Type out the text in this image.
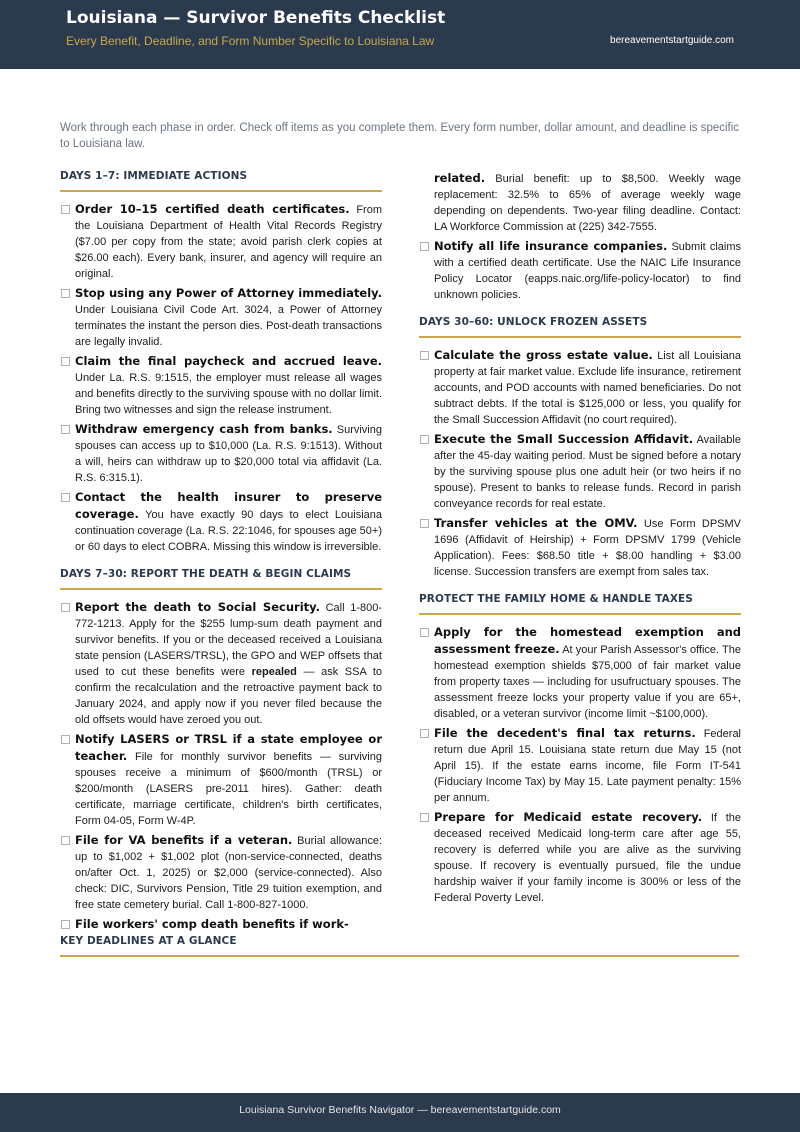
Louisiana — Survivor Benefits Checklist
Every Benefit, Deadline, and Form Number Specific to Louisiana Law	bereavementstartguide.com
Work through each phase in order. Check off items as you complete them. Every form number, dollar amount, and deadline is specific to Louisiana law.
DAYS 1–7: IMMEDIATE ACTIONS
Order 10–15 certified death certificates. From the Louisiana Department of Health Vital Records Registry ($7.00 per copy from the state; avoid parish clerk copies at $26.00 each). Every bank, insurer, and agency will require an original.
Stop using any Power of Attorney immediately. Under Louisiana Civil Code Art. 3024, a Power of Attorney terminates the instant the person dies. Post-death transactions are legally invalid.
Claim the final paycheck and accrued leave. Under La. R.S. 9:1515, the employer must release all wages and benefits directly to the surviving spouse with no dollar limit. Bring two witnesses and sign the release instrument.
Withdraw emergency cash from banks. Surviving spouses can access up to $10,000 (La. R.S. 9:1513). Without a will, heirs can withdraw up to $20,000 total via affidavit (La. R.S. 6:315.1).
Contact the health insurer to preserve coverage. You have exactly 90 days to elect Louisiana continuation coverage (La. R.S. 22:1046, for spouses age 50+) or 60 days to elect COBRA. Missing this window is irreversible.
DAYS 7–30: REPORT THE DEATH & BEGIN CLAIMS
Report the death to Social Security. Call 1-800-772-1213. Apply for the $255 lump-sum death payment and survivor benefits. If you or the deceased received a Louisiana state pension (LASERS/TRSL), the GPO and WEP offsets that used to cut these benefits were repealed — ask SSA to confirm the recalculation and the retroactive payment back to January 2024, and apply now if you never filed because the old offsets would have zeroed you out.
Notify LASERS or TRSL if a state employee or teacher. File for monthly survivor benefits — surviving spouses receive a minimum of $600/month (TRSL) or $200/month (LASERS pre-2011 hires). Gather: death certificate, marriage certificate, children's birth certificates, Form 04-05, Form W-4P.
File for VA benefits if a veteran. Burial allowance: up to $1,002 + $1,002 plot (non-service-connected, deaths on/after Oct. 1, 2025) or $2,000 (service-connected). Also check: DIC, Survivors Pension, Title 29 tuition exemption, and free state cemetery burial. Call 1-800-827-1000.
File workers' comp death benefits if work-
related. Burial benefit: up to $8,500. Weekly wage replacement: 32.5% to 65% of average weekly wage depending on dependents. Two-year filing deadline. Contact: LA Workforce Commission at (225) 342-7555.
Notify all life insurance companies. Submit claims with a certified death certificate. Use the NAIC Life Insurance Policy Locator (eapps.naic.org/life-policy-locator) to find unknown policies.
DAYS 30–60: UNLOCK FROZEN ASSETS
Calculate the gross estate value. List all Louisiana property at fair market value. Exclude life insurance, retirement accounts, and POD accounts with named beneficiaries. Do not subtract debts. If the total is $125,000 or less, you qualify for the Small Succession Affidavit (no court required).
Execute the Small Succession Affidavit. Available after the 45-day waiting period. Must be signed before a notary by the surviving spouse plus one adult heir (or two heirs if no spouse). Present to banks to release funds. Record in parish conveyance records for real estate.
Transfer vehicles at the OMV. Use Form DPSMV 1696 (Affidavit of Heirship) + Form DPSMV 1799 (Vehicle Application). Fees: $68.50 title + $8.00 handling + $3.00 license. Succession transfers are exempt from sales tax.
PROTECT THE FAMILY HOME & HANDLE TAXES
Apply for the homestead exemption and assessment freeze. At your Parish Assessor's office. The homestead exemption shields $75,000 of fair market value from property taxes — including for usufructuary spouses. The assessment freeze locks your property value if you are 65+, disabled, or a veteran survivor (income limit ~$100,000).
File the decedent's final tax returns. Federal return due April 15. Louisiana state return due May 15 (not April 15). If the estate earns income, file Form IT-541 (Fiduciary Income Tax) by May 15. Late payment penalty: 15% per annum.
Prepare for Medicaid estate recovery. If the deceased received Medicaid long-term care after age 55, recovery is deferred while you are alive as the surviving spouse. If recovery is eventually pursued, file the undue hardship waiver if your family income is 300% or less of the Federal Poverty Level.
KEY DEADLINES AT A GLANCE
Louisiana Survivor Benefits Navigator — bereavementstartguide.com
